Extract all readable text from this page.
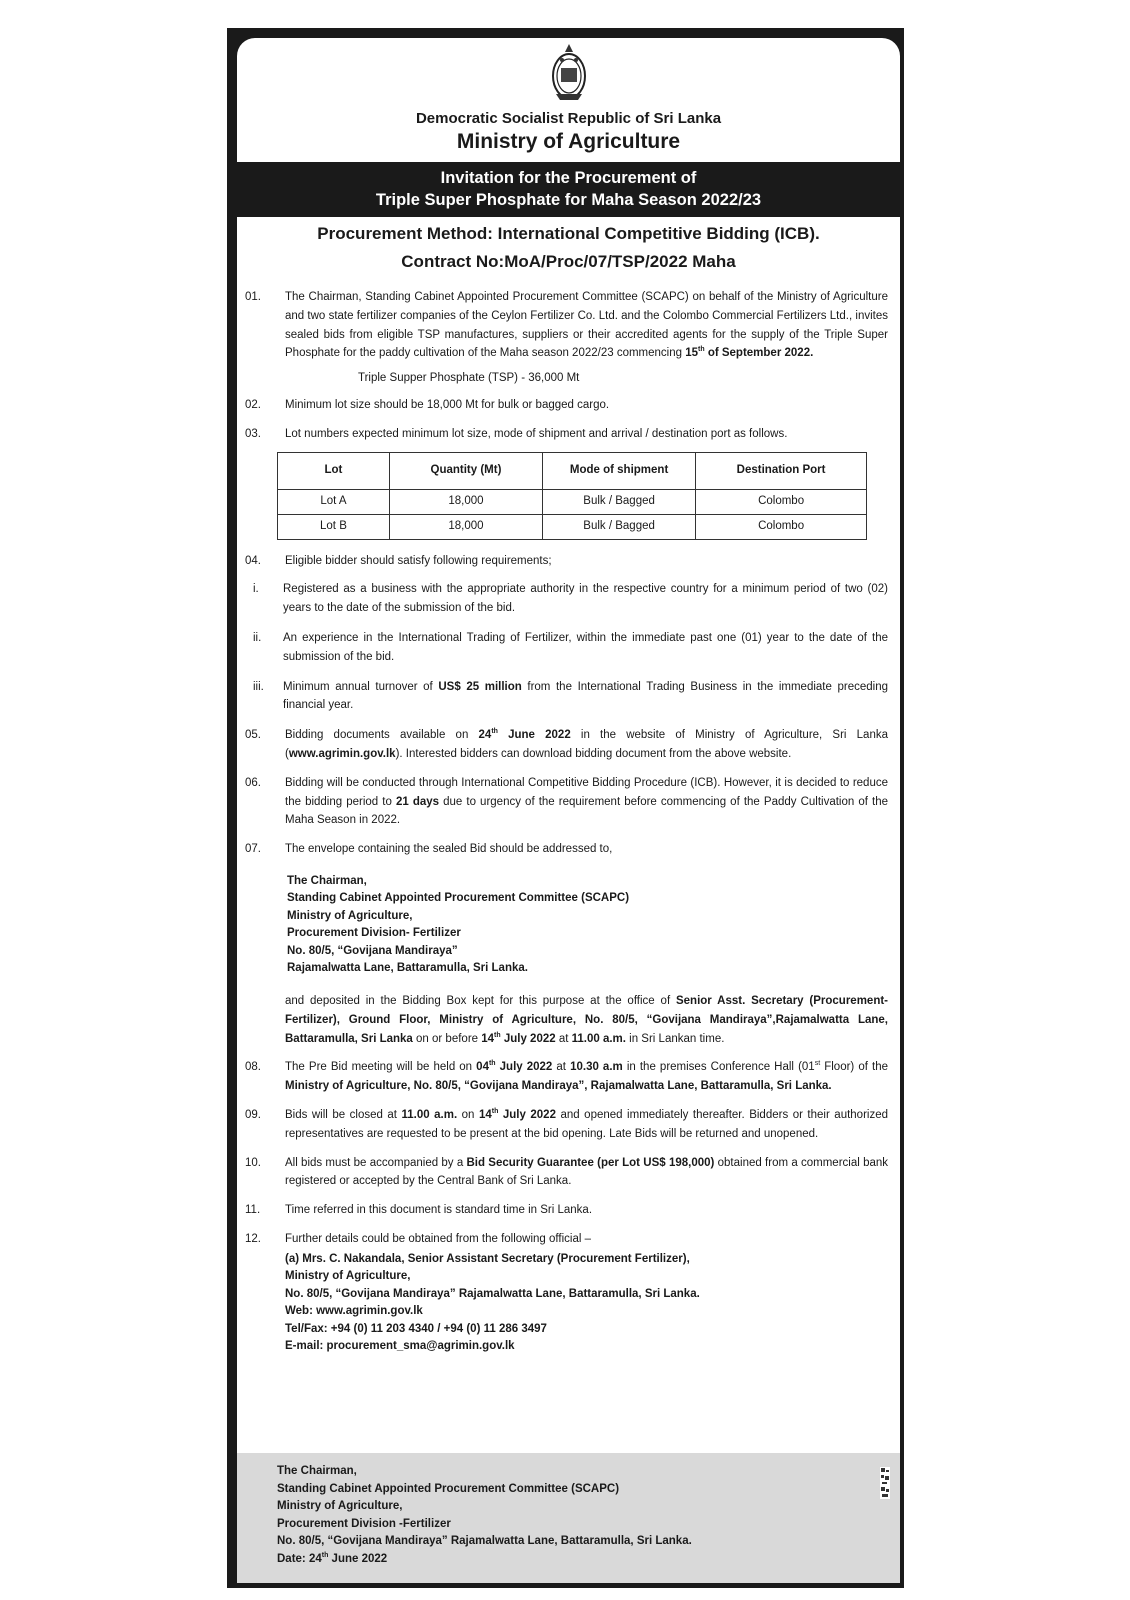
Democratic Socialist Republic of Sri Lanka
Ministry of Agriculture
Invitation for the Procurement of
Triple Super Phosphate for Maha Season 2022/23
Procurement Method: International Competitive Bidding (ICB).
Contract No:MoA/Proc/07/TSP/2022 Maha
01. The Chairman, Standing Cabinet Appointed Procurement Committee (SCAPC) on behalf of the Ministry of Agriculture and two state fertilizer companies of the Ceylon Fertilizer Co. Ltd. and the Colombo Commercial Fertilizers Ltd., invites sealed bids from eligible TSP manufactures, suppliers or their accredited agents for the supply of the Triple Super Phosphate for the paddy cultivation of the Maha season 2022/23 commencing 15th of September 2022.
Triple Supper Phosphate (TSP) - 36,000 Mt
02. Minimum lot size should be 18,000 Mt for bulk or bagged cargo.
03. Lot numbers expected minimum lot size, mode of shipment and arrival / destination port as follows.
Lot	Quantity (Mt)	Mode of shipment	Destination Port
Lot A	18,000	Bulk / Bagged	Colombo
Lot B	18,000	Bulk / Bagged	Colombo
04. Eligible bidder should satisfy following requirements;
i. Registered as a business with the appropriate authority in the respective country for a minimum period of two (02) years to the date of the submission of the bid.
ii. An experience in the International Trading of Fertilizer, within the immediate past one (01) year to the date of the submission of the bid.
iii. Minimum annual turnover of US$ 25 million from the International Trading Business in the immediate preceding financial year.
05. Bidding documents available on 24th June 2022 in the website of Ministry of Agriculture, Sri Lanka (www.agrimin.gov.lk). Interested bidders can download bidding document from the above website.
06. Bidding will be conducted through International Competitive Bidding Procedure (ICB). However, it is decided to reduce the bidding period to 21 days due to urgency of the requirement before commencing of the Paddy Cultivation of the Maha Season in 2022.
07. The envelope containing the sealed Bid should be addressed to,
The Chairman,
Standing Cabinet Appointed Procurement Committee (SCAPC)
Ministry of Agriculture,
Procurement Division- Fertilizer
No. 80/5, “Govijana Mandiraya”
Rajamalwatta Lane, Battaramulla, Sri Lanka.
and deposited in the Bidding Box kept for this purpose at the office of Senior Asst. Secretary (Procurement- Fertilizer), Ground Floor, Ministry of Agriculture, No. 80/5, “Govijana Mandiraya”,Rajamalwatta Lane, Battaramulla, Sri Lanka on or before 14th July 2022 at 11.00 a.m. in Sri Lankan time.
08. The Pre Bid meeting will be held on 04th July 2022 at 10.30 a.m in the premises Conference Hall (01st Floor) of the Ministry of Agriculture, No. 80/5, “Govijana Mandiraya”, Rajamalwatta Lane, Battaramulla, Sri Lanka.
09. Bids will be closed at 11.00 a.m. on 14th July 2022 and opened immediately thereafter. Bidders or their authorized representatives are requested to be present at the bid opening. Late Bids will be returned and unopened.
10. All bids must be accompanied by a Bid Security Guarantee (per Lot US$ 198,000) obtained from a commercial bank registered or accepted by the Central Bank of Sri Lanka.
11. Time referred in this document is standard time in Sri Lanka.
12. Further details could be obtained from the following official –
(a) Mrs. C. Nakandala, Senior Assistant Secretary (Procurement Fertilizer),
Ministry of Agriculture,
No. 80/5, “Govijana Mandiraya” Rajamalwatta Lane, Battaramulla, Sri Lanka.
Web: www.agrimin.gov.lk
Tel/Fax: +94 (0) 11 203 4340 / +94 (0) 11 286 3497
E-mail: procurement_sma@agrimin.gov.lk
The Chairman,
Standing Cabinet Appointed Procurement Committee (SCAPC)
Ministry of Agriculture,
Procurement Division -Fertilizer
No. 80/5, “Govijana Mandiraya” Rajamalwatta Lane, Battaramulla, Sri Lanka.
Date: 24th June 2022
